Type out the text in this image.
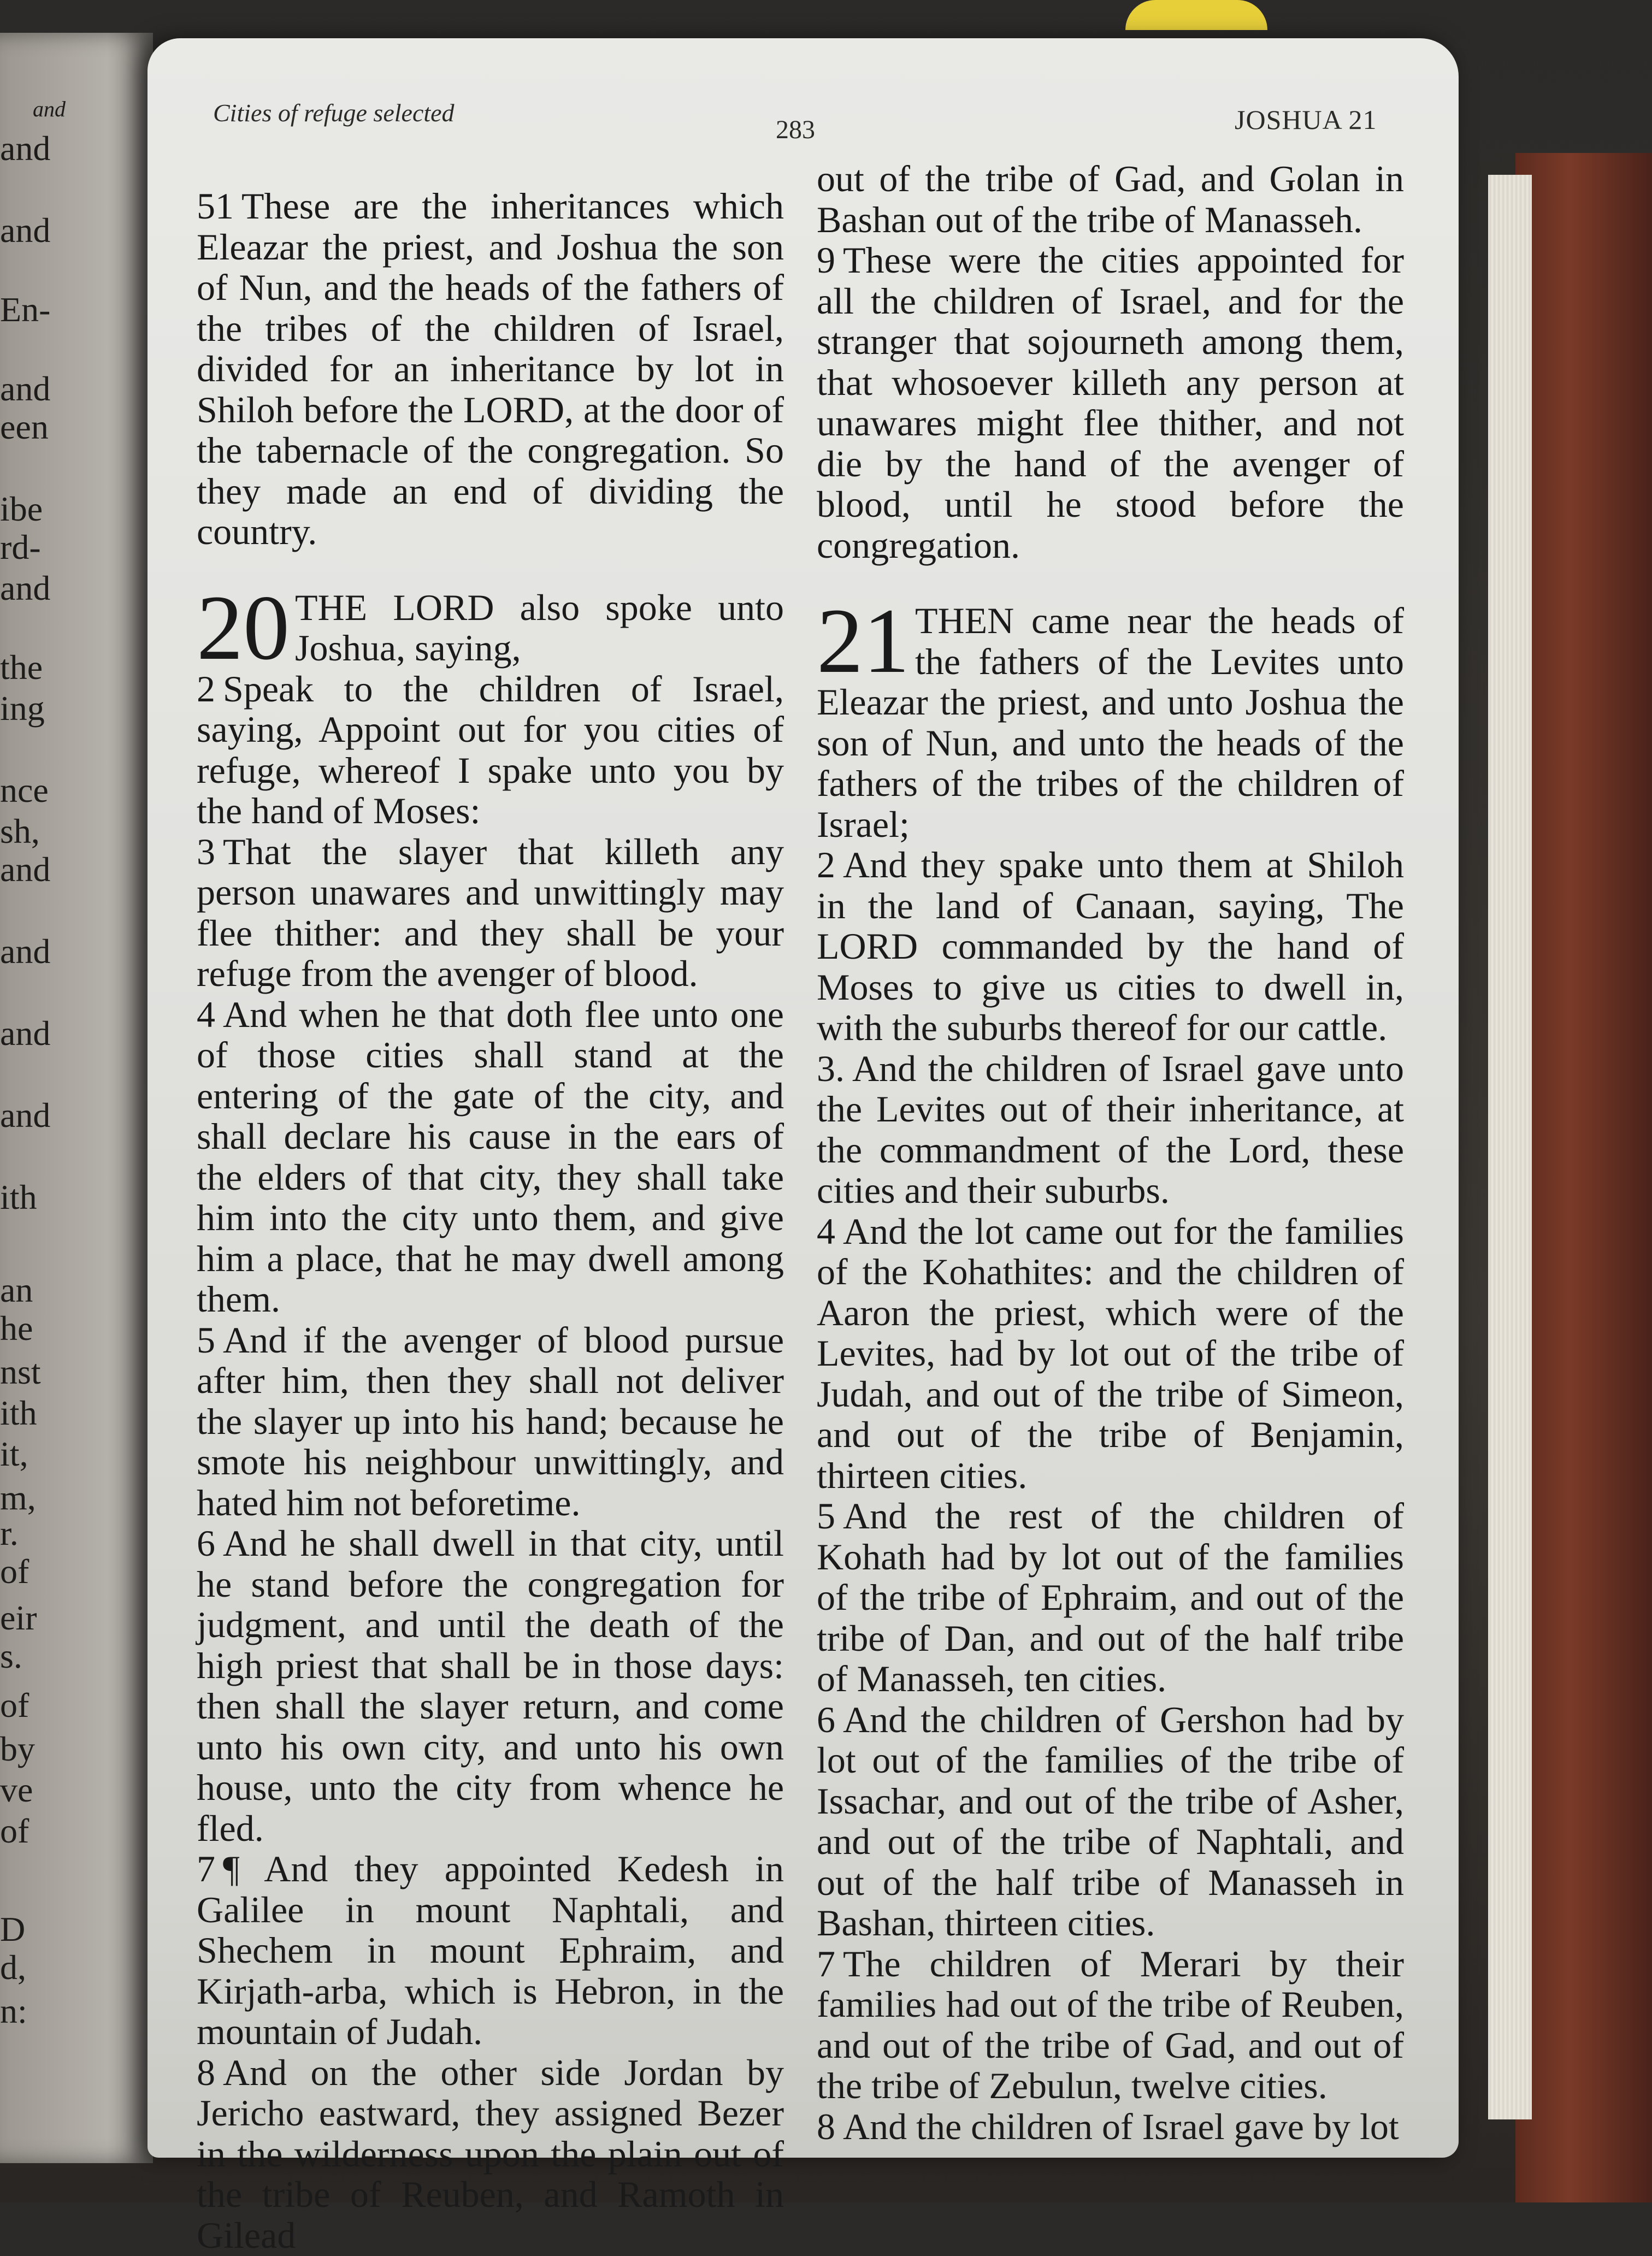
and
and
and
En-
and
een
ibe
rd-
and
the
ing
nce
sh,
and
and
and
and
ith
an
he
nst
ith
it,
m,
r.
of
eir
s.
of
by
ve
of
D
d,
n:
Cities of refuge selected
283	JOSHUA 21

51 These are the inheritances which Eleazar the priest, and Joshua the son of Nun, and the heads of the fathers of the tribes of the children of Israel, divided for an inheritance by lot in Shiloh before the LORD, at the door of the tabernacle of the congregation. So they made an end of dividing the country.

20 THE LORD also spoke unto Joshua, saying,

2 Speak to the children of Israel, saying, Appoint out for you cities of refuge, whereof I spake unto you by the hand of Moses:

3 That the slayer that killeth any person unawares and unwittingly may flee thither: and they shall be your refuge from the avenger of blood.

4 And when he that doth flee unto one of those cities shall stand at the entering of the gate of the city, and shall declare his cause in the ears of the elders of that city, they shall take him into the city unto them, and give him a place, that he may dwell among them.

5 And if the avenger of blood pursue after him, then they shall not deliver the slayer up into his hand; because he smote his neighbour unwittingly, and hated him not beforetime.

6 And he shall dwell in that city, until he stand before the congregation for judgment, and until the death of the high priest that shall be in those days: then shall the slayer return, and come unto his own city, and unto his own house, unto the city from whence he fled.

7 ¶ And they appointed Kedesh in Galilee in mount Naphtali, and Shechem in mount Ephraim, and Kirjath-arba, which is Hebron, in the mountain of Judah.

8 And on the other side Jordan by Jericho eastward, they assigned Bezer in the wilderness upon the plain out of the tribe of Reuben, and Ramoth in Gilead

out of the tribe of Gad, and Golan in Bashan out of the tribe of Manasseh.

9 These were the cities appointed for all the children of Israel, and for the stranger that sojourneth among them, that whosoever killeth any person at unawares might flee thither, and not die by the hand of the avenger of blood, until he stood before the congregation.

21 THEN came near the heads of the fathers of the Levites unto Eleazar the priest, and unto Joshua the son of Nun, and unto the heads of the fathers of the tribes of the children of Israel;

2 And they spake unto them at Shiloh in the land of Canaan, saying, The LORD commanded by the hand of Moses to give us cities to dwell in, with the suburbs thereof for our cattle.

3. And the children of Israel gave unto the Levites out of their inheritance, at the commandment of the Lord, these cities and their suburbs.

4 And the lot came out for the families of the Kohathites: and the children of Aaron the priest, which were of the Levites, had by lot out of the tribe of Judah, and out of the tribe of Simeon, and out of the tribe of Benjamin, thirteen cities.

5 And the rest of the children of Kohath had by lot out of the families of the tribe of Ephraim, and out of the tribe of Dan, and out of the half tribe of Manasseh, ten cities.

6 And the children of Gershon had by lot out of the families of the tribe of Issachar, and out of the tribe of Asher, and out of the tribe of Naphtali, and out of the half tribe of Manasseh in Bashan, thirteen cities.

7 The children of Merari by their families had out of the tribe of Reuben, and out of the tribe of Gad, and out of the tribe of Zebulun, twelve cities.

8 And the children of Israel gave by lot
